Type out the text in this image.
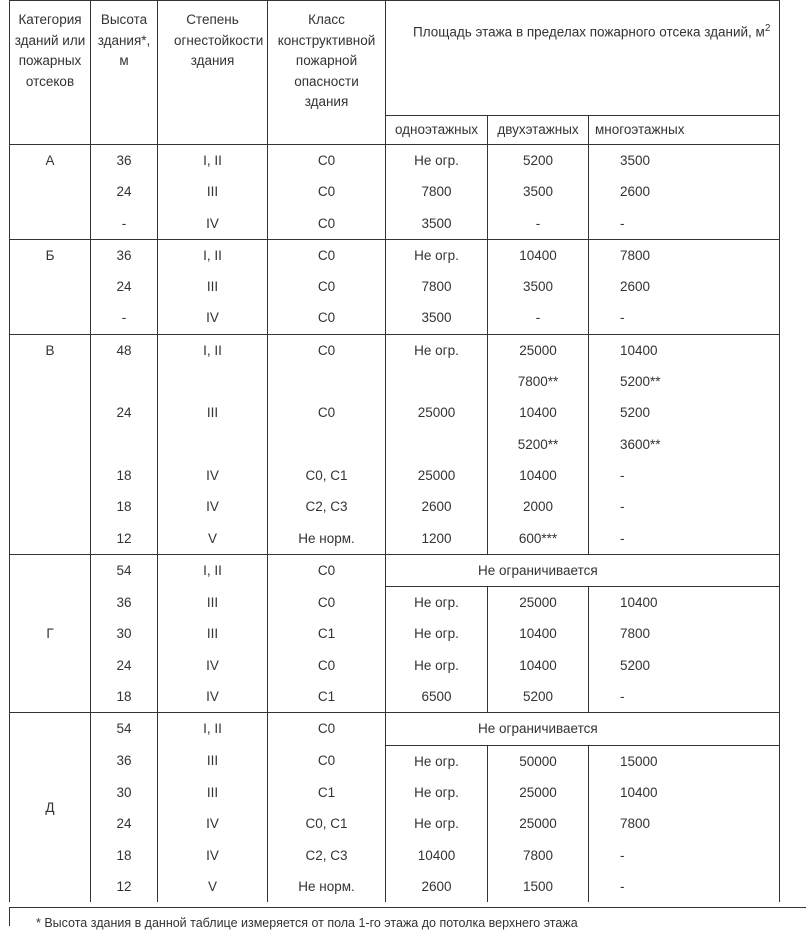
Категория зданий или пожарных отсеков	Высота здания*, м	Степень огнестойкости здания	Класс конструктивной пожарной опасности здания	Площадь этажа в пределах пожарного отсека зданий, $м^2$
				одноэтажных	двухэтажных	многоэтажных
А	36	I, II	С0	Не огр.	5200	3500
	24	III	С0	7800	3500	2600
	-	IV	С0	3500	-	-
Б	36	I, II	С0	Не огр.	10400	7800
	24	III	С0	7800	3500	2600
	-	IV	С0	3500	-	-
В	48	I, II	С0	Не огр.	25000	10400
					7800**	5200**
	24	III	С0	25000	10400	5200
					5200**	3600**
	18	IV	С0, С1	25000	10400	-
	18	IV	С2, С3	2600	2000	-
	12	V	Не норм.	1200	600***	-
Г	54	I, II	С0	Не ограничивается		
	36	III	С0	Не огр.	25000	10400
	30	III	С1	Не огр.	10400	7800
	24	IV	С0	Не огр.	10400	5200
	18	IV	С1	6500	5200	-
Д	54	I, II	С0	Не ограничивается		
	36	III	С0	Не огр.	50000	15000
	30	III	С1	Не огр.	25000	10400
	24	IV	С0, С1	Не огр.	25000	7800
	18	IV	С2, С3	10400	7800	-
	12	V	Не норм.	2600	1500	-
* Высота здания в данной таблице измеряется от пола 1-го этажа до потолка верхнего этажа
